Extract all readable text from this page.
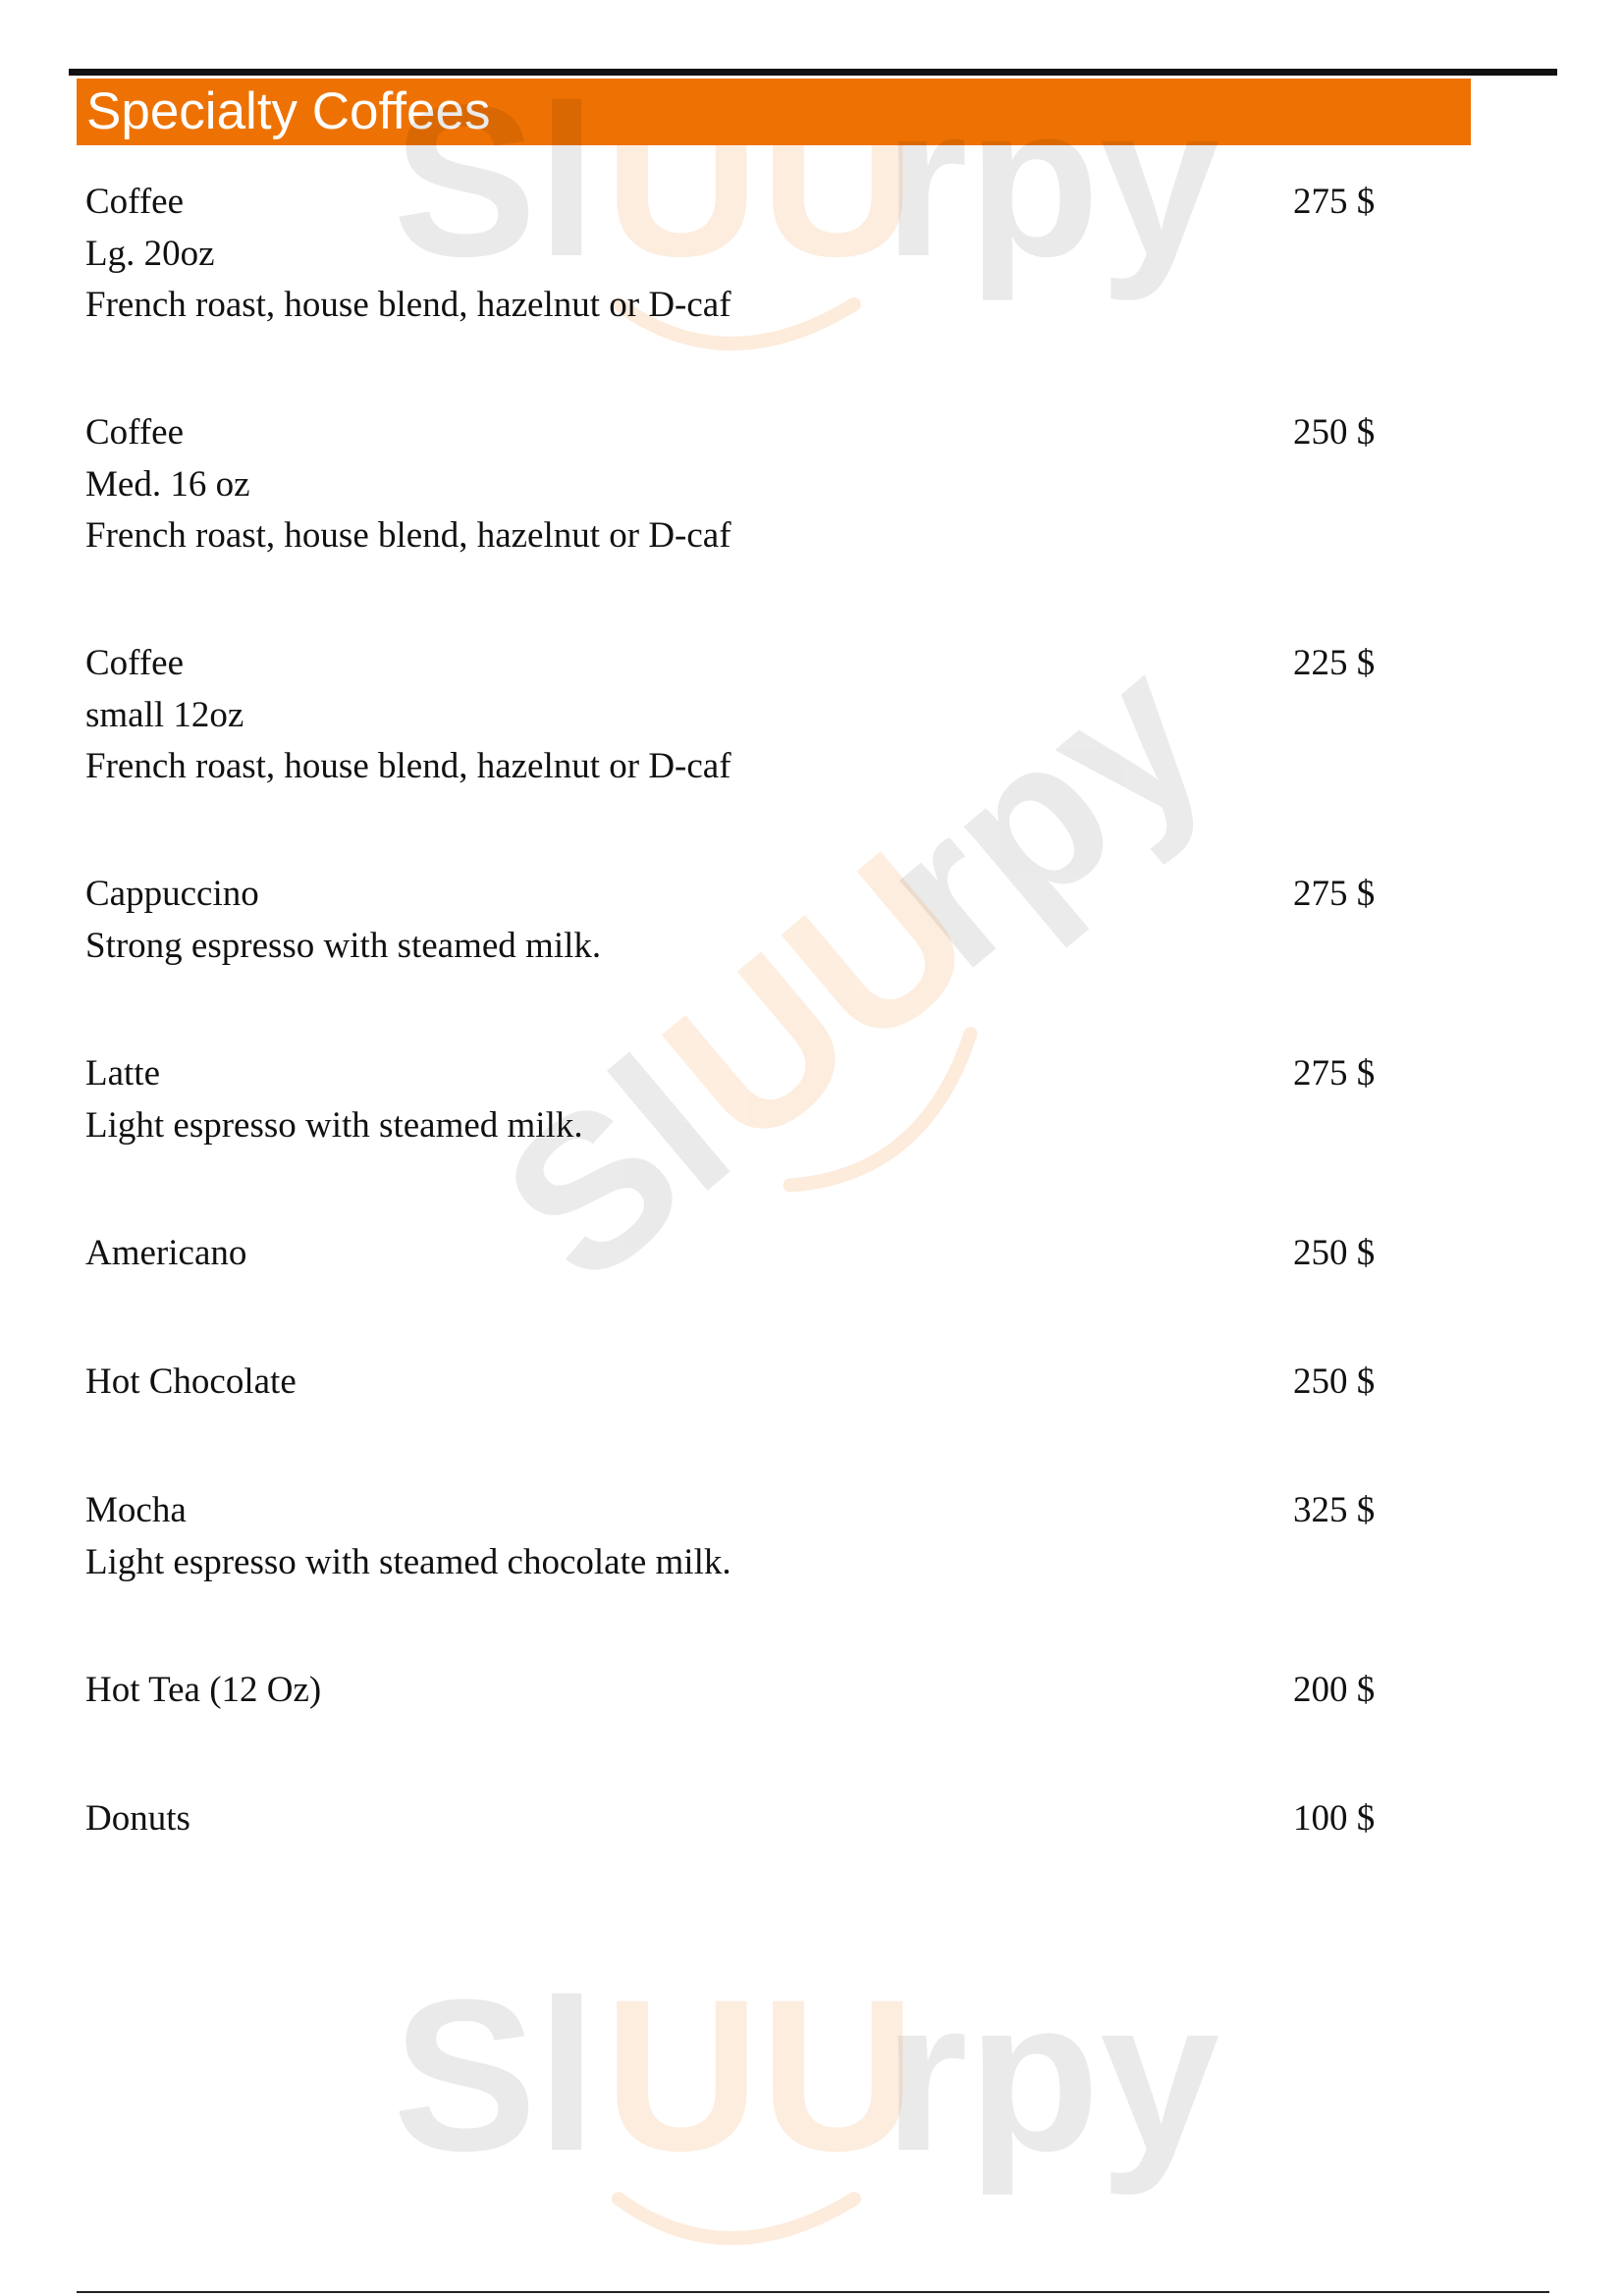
Specialty Coffees
Sl rpy
UU
Sl
rpy
UU
Sl rpy
UU
Coffee
Lg. 20oz
French roast, house blend, hazelnut or D-caf
275 $
Coffee
Med. 16 oz
French roast, house blend, hazelnut or D-caf
250 $
Coffee
small 12oz
French roast, house blend, hazelnut or D-caf
225 $
Cappuccino
Strong espresso with steamed milk.
275 $
Latte
Light espresso with steamed milk.
275 $
Americano	250 $
Hot Chocolate	250 $
Mocha
Light espresso with steamed chocolate milk.
325 $
Hot Tea (12 Oz)	200 $
Donuts	100 $
